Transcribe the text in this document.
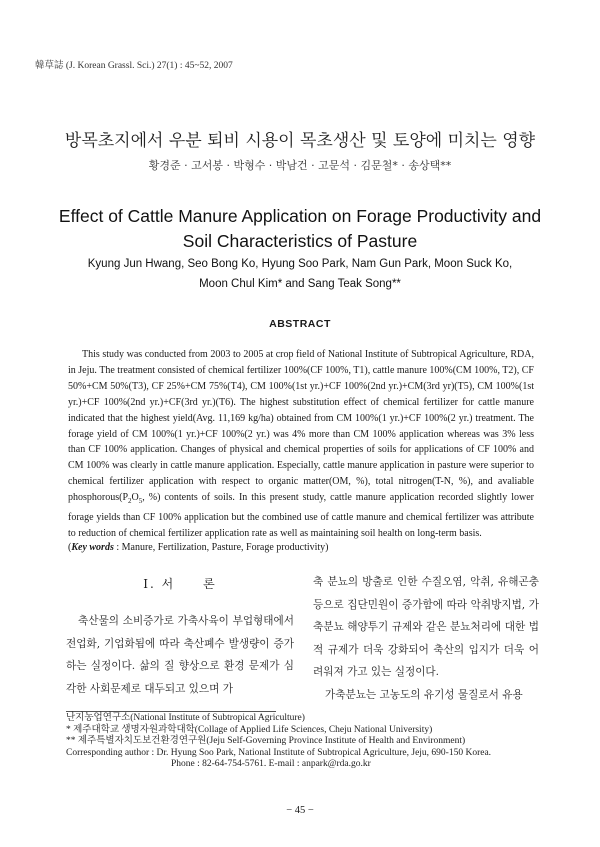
韓草誌 (J. Korean Grassl. Sci.) 27(1) : 45~52, 2007
방목초지에서 우분 퇴비 시용이 목초생산 및 토양에 미치는 영향
황경준 · 고서봉 · 박형수 · 박남건 · 고문석 · 김문철* · 송상택**
Effect of Cattle Manure Application on Forage Productivity and
Soil Characteristics of Pasture
Kyung Jun Hwang, Seo Bong Ko, Hyung Soo Park, Nam Gun Park, Moon Suck Ko,
Moon Chul Kim* and Sang Teak Song**
ABSTRACT
This study was conducted from 2003 to 2005 at crop field of National Institute of Subtropical Agriculture, RDA, in Jeju. The treatment consisted of chemical fertilizer 100%(CF 100%, T1), cattle manure 100%(CM 100%, T2), CF 50%+CM 50%(T3), CF 25%+CM 75%(T4), CM 100%(1st yr.)+CF 100%(2nd yr.)+CM(3rd yr)(T5), CM 100%(1st yr.)+CF 100%(2nd yr.)+CF(3rd yr.)(T6). The highest substitution effect of chemical fertilizer for cattle manure indicated that the highest yield(Avg. 11,169 kg/ha) obtained from CM 100%(1 yr.)+CF 100%(2 yr.) treatment. The forage yield of CM 100%(1 yr.)+CF 100%(2 yr.) was 4% more than CM 100% application whereas was 3% less than CF 100% application. Changes of physical and chemical properties of soils for applications of CF 100% and CM 100% was clearly in cattle manure application. Especially, cattle manure application in pasture were superior to chemical fertilizer application with respect to organic matter(OM, %), total nitrogen(T-N, %), and avaliable $phosphorous(P_2O_5$, %) contents of soils. In this present study, cattle manure application recorded slightly lower forage yields than CF 100% application but the combined use of cattle manure and chemical fertilizer was attribute to reduction of chemical fertilizer application rate as well as maintaining soil health on long-term basis.
(Key words : Manure, Fertilization, Pasture, Forage productivity)
Ⅰ. 서　　론
축산물의 소비증가로 가축사육이 부업형태에서 전업화, 기업화됨에 따라 축산폐수 발생량이 증가하는 실정이다. 삶의 질 향상으로 환경 문제가 심각한 사회문제로 대두되고 있으며 가

축 분뇨의 방출로 인한 수질오염, 악취, 유해곤충 등으로 집단민원이 증가함에 따라 악취방지법, 가축분뇨 해양투기 규제와 같은 분뇨처리에 대한 법적 규제가 더욱 강화되어 축산의 입지가 더욱 어려워져 가고 있는 실정이다.

가축분뇨는 고농도의 유기성 물질로서 유용

난지농업연구소(National Institute of Subtropical Agriculture)
* 제주대학교 생명자원과학대학(Collage of Applied Life Sciences, Cheju National University)
** 제주특별자치도보건환경연구원(Jeju Self-Governing Province Institute of Health and Environment)
Corresponding author : Dr. Hyung Soo Park, National Institute of Subtropical Agriculture, Jeju, 690-150 Korea.
Phone : 82-64-754-5761. E-mail : anpark@rda.go.kr
− 45 −
